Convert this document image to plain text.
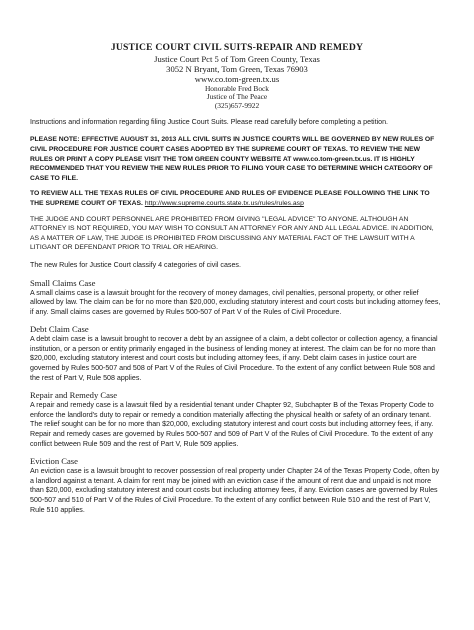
JUSTICE COURT CIVIL SUITS-REPAIR AND REMEDY
Justice Court Pct 5 of Tom Green County, Texas
3052 N Bryant, Tom Green, Texas 76903
www.co.tom-green.tx.us
Honorable Fred Bock
Justice of The Peace
(325)657-9922

Instructions and information regarding filing Justice Court Suits. Please read carefully before completing a petition.

PLEASE NOTE: EFFECTIVE AUGUST 31, 2013 ALL CIVIL SUITS IN JUSTICE COURTS WILL BE GOVERNED BY NEW RULES OF CIVIL PROCEDURE FOR JUSTICE COURT CASES ADOPTED BY THE SUPREME COURT OF TEXAS. TO REVIEW THE NEW RULES OR PRINT A COPY PLEASE VISIT THE TOM GREEN COUNTY WEBSITE AT www.co.tom-green.tx.us. IT IS HIGHLY RECOMMENDED THAT YOU REVIEW THE NEW RULES PRIOR TO FILING YOUR CASE TO DETERMINE WHICH CATEGORY OF CASE TO FILE.

TO REVIEW ALL THE TEXAS RULES OF CIVIL PROCEDURE AND RULES OF EVIDENCE PLEASE FOLLOWING THE LINK TO THE SUPREME COURT OF TEXAS. http://www.supreme.courts.state.tx.us/rules/rules.asp

THE JUDGE AND COURT PERSONNEL ARE PROHIBITED FROM GIVING "LEGAL ADVICE" TO ANYONE. ALTHOUGH AN ATTORNEY IS NOT REQUIRED, YOU MAY WISH TO CONSULT AN ATTORNEY FOR ANY AND ALL LEGAL ADVICE. IN ADDITION, AS A MATTER OF LAW, THE JUDGE IS PROHIBITED FROM DISCUSSING ANY MATERIAL FACT OF THE LAWSUIT WITH A LITIGANT OR DEFENDANT PRIOR TO TRIAL OR HEARING.

The new Rules for Justice Court classify 4 categories of civil cases.

Small Claims Case

A small claims case is a lawsuit brought for the recovery of money damages, civil penalties, personal property, or other relief allowed by law. The claim can be for no more than $20,000, excluding statutory interest and court costs but including attorney fees, if any. Small claims cases are governed by Rules 500-507 of Part V of the Rules of Civil Procedure.

Debt Claim Case

A debt claim case is a lawsuit brought to recover a debt by an assignee of a claim, a debt collector or collection agency, a financial institution, or a person or entity primarily engaged in the business of lending money at interest. The claim can be for no more than $20,000, excluding statutory interest and court costs but including attorney fees, if any. Debt claim cases in justice court are governed by Rules 500-507 and 508 of Part V of the Rules of Civil Procedure. To the extent of any conflict between Rule 508 and the rest of Part V, Rule 508 applies.

Repair and Remedy Case

A repair and remedy case is a lawsuit filed by a residential tenant under Chapter 92, Subchapter B of the Texas Property Code to enforce the landlord's duty to repair or remedy a condition materially affecting the physical health or safety of an ordinary tenant. The relief sought can be for no more than $20,000, excluding statutory interest and court costs but including attorney fees, if any. Repair and remedy cases are governed by Rules 500-507 and 509 of Part V of the Rules of Civil Procedure. To the extent of any conflict between Rule 509 and the rest of Part V, Rule 509 applies.

Eviction Case

An eviction case is a lawsuit brought to recover possession of real property under Chapter 24 of the Texas Property Code, often by a landlord against a tenant. A claim for rent may be joined with an eviction case if the amount of rent due and unpaid is not more than $20,000, excluding statutory interest and court costs but including attorney fees, if any. Eviction cases are governed by Rules 500-507 and 510 of Part V of the Rules of Civil Procedure. To the extent of any conflict between Rule 510 and the rest of Part V, Rule 510 applies.
